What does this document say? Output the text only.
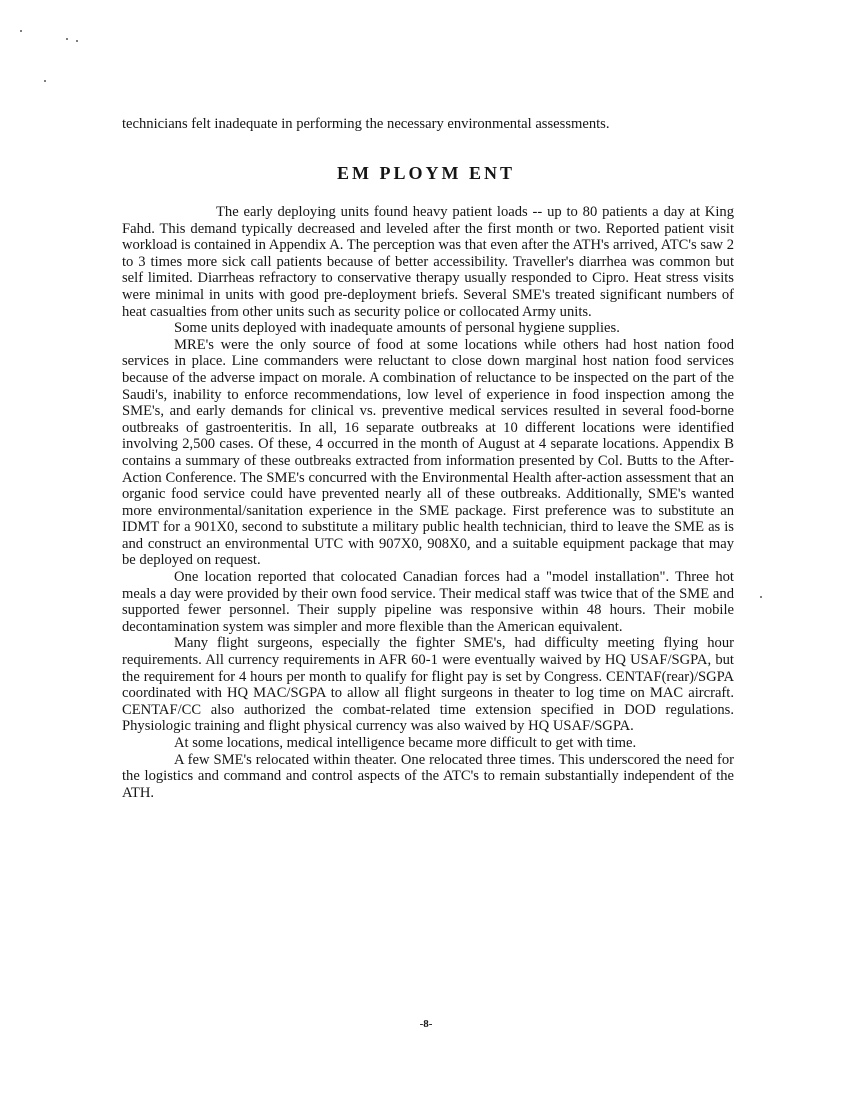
technicians felt inadequate in performing the necessary environmental assessments.

EM PLOYM ENT

The early deploying units found heavy patient loads -- up to 80 patients a day at King Fahd. This demand typically decreased and leveled after the first month or two. Reported patient visit workload is contained in Appendix A. The perception was that even after the ATH's arrived, ATC's saw 2 to 3 times more sick call patients because of better accessibility. Traveller's diarrhea was common but self limited. Diarrheas refractory to conservative therapy usually responded to Cipro. Heat stress visits were minimal in units with good pre-deployment briefs. Several SME's treated significant numbers of heat casualties from other units such as security police or collocated Army units.

Some units deployed with inadequate amounts of personal hygiene supplies.

MRE's were the only source of food at some locations while others had host nation food services in place. Line commanders were reluctant to close down marginal host nation food services because of the adverse impact on morale. A combination of reluctance to be inspected on the part of the Saudi's, inability to enforce recommendations, low level of experience in food inspection among the SME's, and early demands for clinical vs. preventive medical services resulted in several food-borne outbreaks of gastroenteritis. In all, 16 separate outbreaks at 10 different locations were identified involving 2,500 cases. Of these, 4 occurred in the month of August at 4 separate locations. Appendix B contains a summary of these outbreaks extracted from information presented by Col. Butts to the After-Action Conference. The SME's concurred with the Environmental Health after-action assessment that an organic food service could have prevented nearly all of these outbreaks. Additionally, SME's wanted more environmental/sanitation experience in the SME package. First preference was to substitute an IDMT for a 901X0, second to substitute a military public health technician, third to leave the SME as is and construct an environmental UTC with 907X0, 908X0, and a suitable equipment package that may be deployed on request.

One location reported that colocated Canadian forces had a "model installation". Three hot meals a day were provided by their own food service. Their medical staff was twice that of the SME and supported fewer personnel. Their supply pipeline was responsive within 48 hours. Their mobile decontamination system was simpler and more flexible than the American equivalent.

Many flight surgeons, especially the fighter SME's, had difficulty meeting flying hour requirements. All currency requirements in AFR 60-1 were eventually waived by HQ USAF/SGPA, but the requirement for 4 hours per month to qualify for flight pay is set by Congress. CENTAF(rear)/SGPA coordinated with HQ MAC/SGPA to allow all flight surgeons in theater to log time on MAC aircraft. CENTAF/CC also authorized the combat-related time extension specified in DOD regulations. Physiologic training and flight physical currency was also waived by HQ USAF/SGPA.

At some locations, medical intelligence became more difficult to get with time.

A few SME's relocated within theater. One relocated three times. This underscored the need for the logistics and command and control aspects of the ATC's to remain substantially independent of the ATH.

-8-
